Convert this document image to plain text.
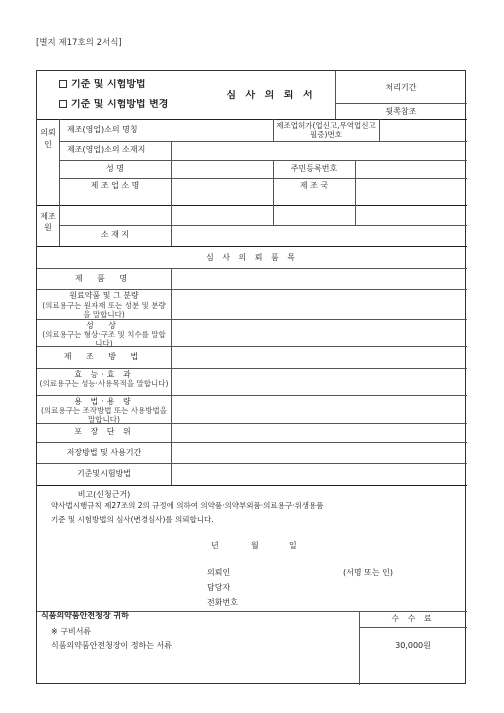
[별지 제17호의 2서식]
기준 및 시험방법
기준 및 시험방법 변경
심 사 의 뢰 서
처리기간
뒷쪽참조
의뢰인
제조(영업)소의 명칭	제조업허가(업신고,무역업신고필증)번호
제조(영업)소의 소재지
성 명	주민등록번호
제조원
제 조 업 소 명	제 조 국
소 재 지
심 사 의 뢰 품 목
제 품 명
원료약품 및 그 분량
(의료용구는 원자재 또는 성분 및 분량을 말합니다)
성 상
(의료용구는 형상·구조 및 치수를 말합니다)
제 조 방 법
효 능·효 과
(의료용구는 성능·사용목적을 말합니다)
용 법·용 량
(의료용구는 조작방법 또는 사용방법을 말합니다)
포 장 단 위
저장방법 및 사용기간
기준및시험방법
비고(신청근거)
약사법시행규칙 제27조의 2의 규정에 의하여 의약품·의약부외품·의료용구·위생용품
기준 및 시험방법의 심사(변경심사)를 의뢰합니다.
년	월	일
의뢰인	(서명 또는 인)
담당자
전화번호
식품의약품안전청장 귀하
※ 구비서류
식품의약품안전청장이 정하는 서류
수 수 료
30,000원
